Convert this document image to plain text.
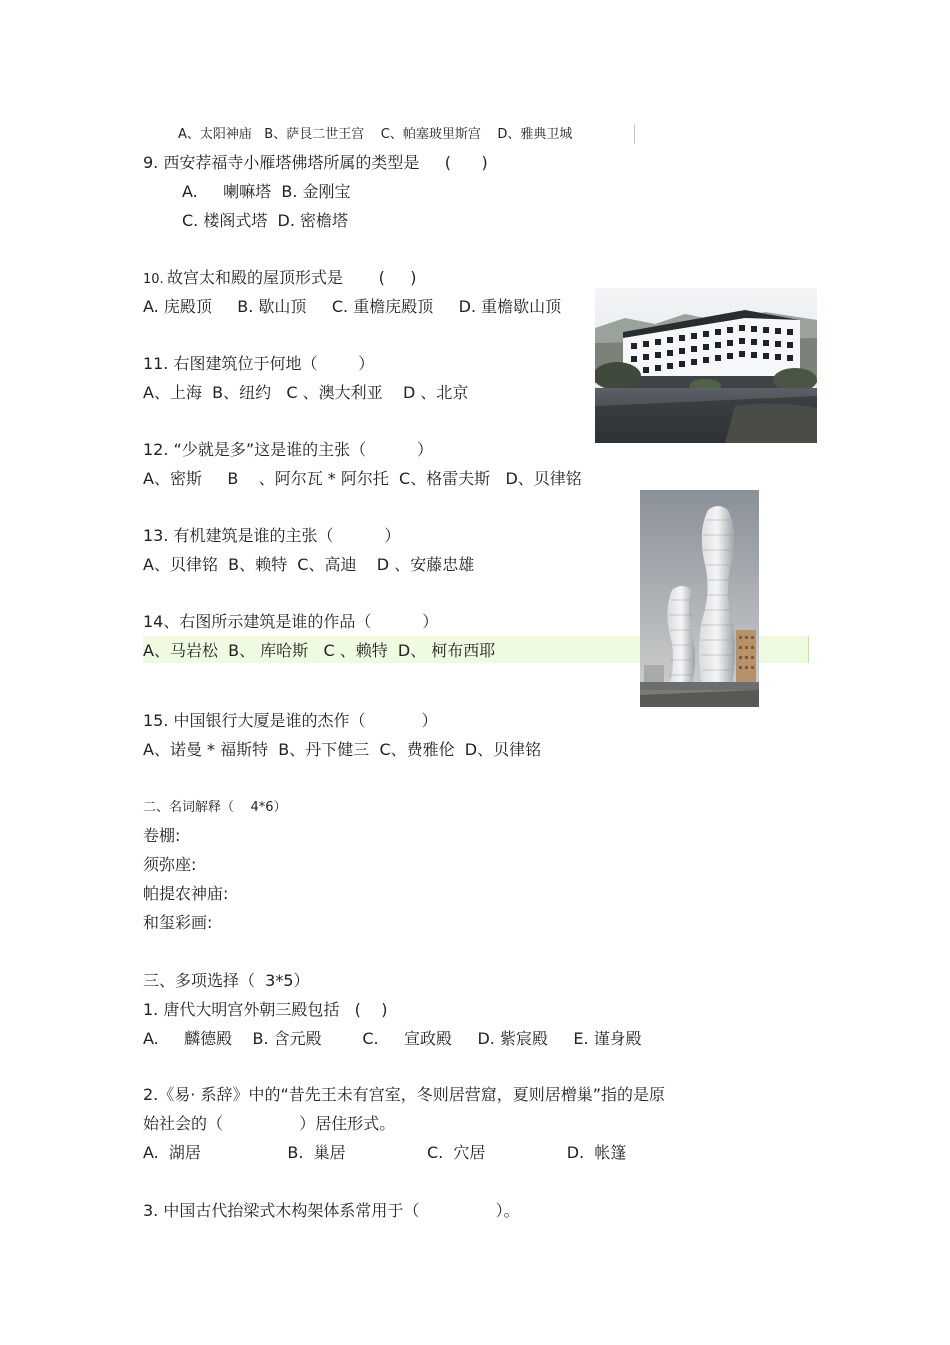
A、太阳神庙   B、萨艮二世王宫    C、帕塞玻里斯宫    D、雅典卫城
9. 西安荐福寺小雁塔佛塔所属的类型是     (      )
A.     喇嘛塔  B. 金刚宝
C. 楼阁式塔  D. 密檐塔
10. 故宫太和殿的屋顶形式是       (     )
A. 庑殿顶     B. 歇山顶     C. 重檐庑殿顶     D. 重檐歇山顶
11. 右图建筑位于何地（        ）
A、上海  B、纽约   C 、澳大利亚    D 、北京
12. “少就是多”这是谁的主张（          ）
A、密斯     B    、阿尔瓦 * 阿尔托  C、格雷夫斯   D、贝律铭
13. 有机建筑是谁的主张（          ）
A、贝律铭  B、赖特  C、高迪    D 、安藤忠雄
14、右图所示建筑是谁的作品（          ）
A、马岩松  B、 库哈斯   C 、赖特  D、 柯布西耶
15. 中国银行大厦是谁的杰作（           ）
A、诺曼 * 福斯特  B、丹下健三  C、费雅伦  D、贝律铭
二、名词解释（    4*6）
卷棚:
须弥座:
帕提农神庙:
和玺彩画:
三、多项选择（  3*5）
1. 唐代大明宫外朝三殿包括   (    )
A.     麟德殿    B. 含元殿        C.     宣政殿     D. 紫宸殿     E. 谨身殿
2.《易· 系辞》中的“昔先王未有宫室，冬则居营窟，夏则居橧巢”指的是原
始社会的（               ）居住形式。
A.  湖居                 B.  巢居                C.  穴居                D.  帐篷
3. 中国古代抬梁式木构架体系常用于（               ）。
